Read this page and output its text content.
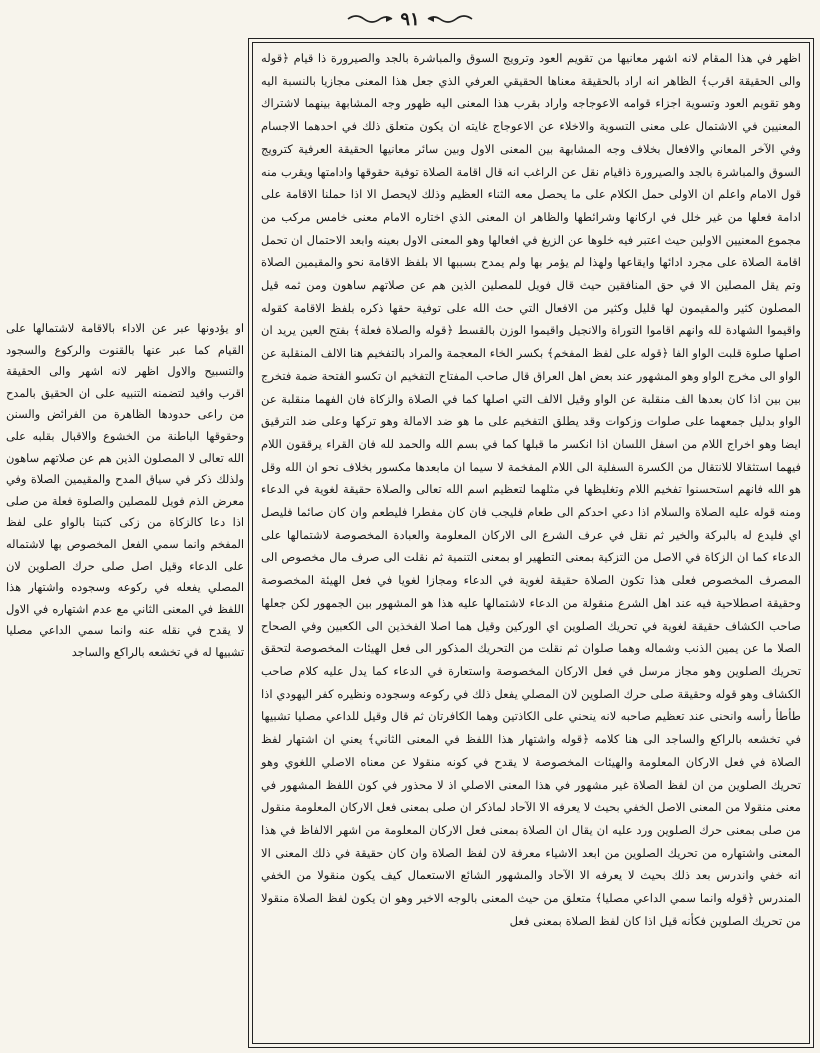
٩١

اظهر في هذا المقام لانه اشهر معانيها من تقويم العود وترويج السوق والمباشرة بالجد والصيرورة ذا قيام ﴿قوله والى الحقيقة اقرب﴾ الظاهر انه اراد بالحقيقة معناها الحقيقي العرفي الذي جعل هذا المعنى مجازيا بالنسبة اليه وهو تقويم العود وتسوية اجزاء قوامه الاعوجاجه واراد بقرب هذا المعنى اليه ظهور وجه المشابهة بينهما لاشتراك المعنيين في الاشتمال على معنى التسوية والاخلاء عن الاعوجاج غايته ان يكون متعلق ذلك في احدهما الاجسام وفي الآخر المعاني والافعال بخلاف وجه المشابهة بين المعنى الاول وبين سائر معانيها الحقيقة العرفية كترويج السوق والمباشرة بالجد والصيرورة ذاقيام نقل عن الراغب انه قال اقامة الصلاة توفية حقوقها وادامتها ويقرب منه قول الامام واعلم ان الاولى حمل الكلام على ما يحصل معه الثناء العظيم وذلك لايحصل الا اذا حملنا الاقامة على ادامة فعلها من غير خلل في اركانها وشرائطها والظاهر ان المعنى الذي اختاره الامام معنى خامس مركب من مجموع المعنيين الاولين حيث اعتبر فيه خلوها عن الزيغ في افعالها وهو المعنى الاول بعينه وابعد الاحتمال ان تحمل اقامة الصلاة على مجرد ادائها وايقاعها ولهذا لم يؤمر بها ولم يمدح بسببها الا بلفظ الاقامة نحو والمقيمين الصلاة وتم يقل المصلين الا في حق المنافقين حيث قال فويل للمصلين الذين هم عن صلاتهم ساهون ومن ثمه قيل المصلون كثير والمقيمون لها قليل وكثير من الافعال التي حث الله على توفية حقها ذكره بلفظ الاقامة كقوله واقيموا الشهادة لله وانهم اقاموا التوراة والانجيل واقيموا الوزن بالقسط ﴿قوله والصلاة فعلة﴾ بفتح العين يريد ان اصلها صلوة قلبت الواو الفا ﴿قوله على لفظ المفخم﴾ بكسر الخاء المعجمة والمراد بالتفخيم هنا الالف المنقلبة عن الواو الى مخرج الواو وهو المشهور عند بعض اهل العراق قال صاحب المفتاح التفخيم ان تكسو الفتحة ضمة فتخرج بين بين اذا كان بعدها الف منقلبة عن الواو وقيل الالف التي اصلها كما في الصلاة والزكاة فان الفهما منقلبة عن الواو بدليل جمعهما على صلوات وزكوات وقد يطلق التفخيم على ما هو ضد الامالة وهو تركها وعلى ضد الترقيق ايضا وهو اخراج اللام من اسفل اللسان اذا انكسر ما قبلها كما في بسم الله والحمد لله فان القراء يرققون اللام فيهما استثقالا للانتقال من الكسرة السفلية الى اللام المفخمة لا سيما ان مابعدها مكسور بخلاف نحو ان الله وقل هو الله فانهم استحسنوا تفخيم اللام وتغليظها في مثلهما لتعظيم اسم الله تعالى والصلاة حقيقة لغوية في الدعاء ومنه قوله عليه الصلاة والسلام اذا دعي احدكم الى طعام فليجب فان كان مفطرا فليطعم وان كان صائما فليصل اي فليدع له بالبركة والخير ثم نقل في عرف الشرع الى الاركان المعلومة والعبادة المخصوصة لاشتمالها على الدعاء كما ان الزكاة في الاصل من التزكية بمعنى التطهير او بمعنى التنمية ثم نقلت الى صرف مال مخصوص الى المصرف المخصوص فعلى هذا تكون الصلاة حقيقة لغوية في الدعاء ومجازا لغويا في فعل الهيئة المخصوصة وحقيقة اصطلاحية فيه عند اهل الشرع منقولة من الدعاء لاشتمالها عليه هذا هو المشهور بين الجمهور لكن جعلها صاحب الكشاف حقيقة لغوية في تحريك الصلوين اي الوركين وقيل هما اصلا الفخذين الى الكعبين وفي الصحاح الصلا ما عن يمين الذنب وشماله وهما صلوان ثم نقلت من التحريك المذكور الى فعل الهيئات المخصوصة لتحقق تحريك الصلوين وهو مجاز مرسل في فعل الاركان المخصوصة واستعارة في الدعاء كما يدل عليه كلام صاحب الكشاف وهو قوله وحقيقة صلى حرك الصلوين لان المصلي يفعل ذلك في ركوعه وسجوده ونظيره كفر اليهودي اذا طأطأ رأسه وانحنى عند تعظيم صاحبه لانه ينحني على الكاذتين وهما الكافرتان ثم قال وقيل للداعي مصليا تشبيها في تخشعه بالراكع والساجد الى هنا كلامه ﴿قوله واشتهار هذا اللفظ في المعنى الثاني﴾ يعني ان اشتهار لفظ الصلاة في فعل الاركان المعلومة والهيئات المخصوصة لا يقدح في كونه منقولا عن معناه الاصلي اللغوي وهو تحريك الصلوين من ان لفظ الصلاة غير مشهور في هذا المعنى الاصلي اذ لا محذور في كون اللفظ المشهور في معنى منقولا من المعنى الاصل الخفي بحيث لا يعرفه الا الآحاد لماذكر ان صلى بمعنى فعل الاركان المعلومة منقول من صلى بمعنى حرك الصلوين ورد عليه ان يقال ان الصلاة بمعنى فعل الاركان المعلومة من اشهر الالفاظ في هذا المعنى واشتهاره من تحريك الصلوين من ابعد الاشياء معرفة لان لفظ الصلاة وان كان حقيقة في ذلك المعنى الا انه خفي واندرس بعد ذلك بحيث لا يعرفه الا الآحاد والمشهور الشائع الاستعمال كيف يكون منقولا من الخفي المندرس ﴿قوله وانما سمي الداعي مصليا﴾ متعلق من حيث المعنى بالوجه الاخير وهو ان يكون لفظ الصلاة منقولا من تحريك الصلوين فكأنه قيل اذا كان لفظ الصلاة بمعنى فعل

او يؤدونها عبر عن الاداء بالاقامة لاشتمالها على القيام كما عبر عنها بالقنوت والركوع والسجود والتسبيح والاول اظهر لانه اشهر والى الحقيقة اقرب وافيد لتضمنه التنبيه على ان الحقيق بالمدح من راعى حدودها الظاهرة من الفرائض والسنن وحقوقها الباطنة من الخشوع والاقبال بقلبه على الله تعالى لا المصلون الذين هم عن صلاتهم ساهون ولذلك ذكر في سياق المدح والمقيمين الصلاة وفي معرض الذم فويل للمصلين والصلوة فعلة من صلى اذا دعا كالزكاة من زكى كتبتا بالواو على لفظ المفخم وانما سمي الفعل المخصوص بها لاشتماله على الدعاء وقيل اصل صلى حرك الصلوين لان المصلي يفعله في ركوعه وسجوده واشتهار هذا اللفظ في المعنى الثاني مع عدم اشتهاره في الاول لا يقدح في نقله عنه وانما سمي الداعي مصليا تشبيها له في تخشعه بالراكع والساجد
